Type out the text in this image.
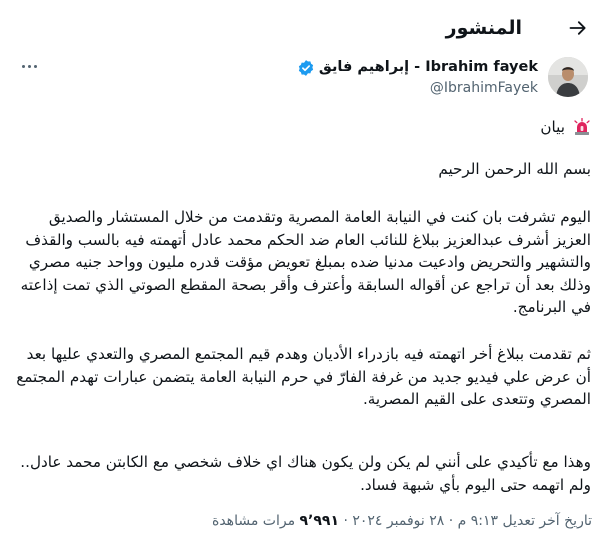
المنشور
Ibrahim fayek - إبراهيم فايق
@IbrahimFayek
بيان
بسم الله الرحمن الرحيم
اليوم تشرفت بان كنت في النيابة العامة المصرية وتقدمت من خلال المستشار والصديق العزيز أشرف عبدالعزيز ببلاغ للنائب العام ضد الحكم محمد عادل أتهمته فيه بالسب والقذف والتشهير والتحريض وادعيت مدنيا ضده بمبلغ تعويض مؤقت قدره مليون وواحد جنيه مصري وذلك بعد أن تراجع عن أقواله السابقة وأعترف وأقر بصحة المقطع الصوتي الذي تمت إذاعته في البرنامج.
ثم تقدمت ببلاغ أخر اتهمته فيه بازدراء الأديان وهدم قيم المجتمع المصري والتعدي عليها بعد أن عرض علي فيديو جديد من غرفة الفارّ في حرم النيابة العامة يتضمن عبارات تهدم المجتمع المصري وتتعدى على القيم المصرية.
وهذا مع تأكيدي على أنني لم يكن ولن يكون هناك اي خلاف شخصي مع الكابتن محمد عادل.. ولم اتهمه حتى اليوم بأي شبهة فساد.
تاريخ آخر تعديل ٩:١٣ م · ٢٨ نوفمبر ٢٠٢٤ · ٩٬٩٩١ مرات مشاهدة
